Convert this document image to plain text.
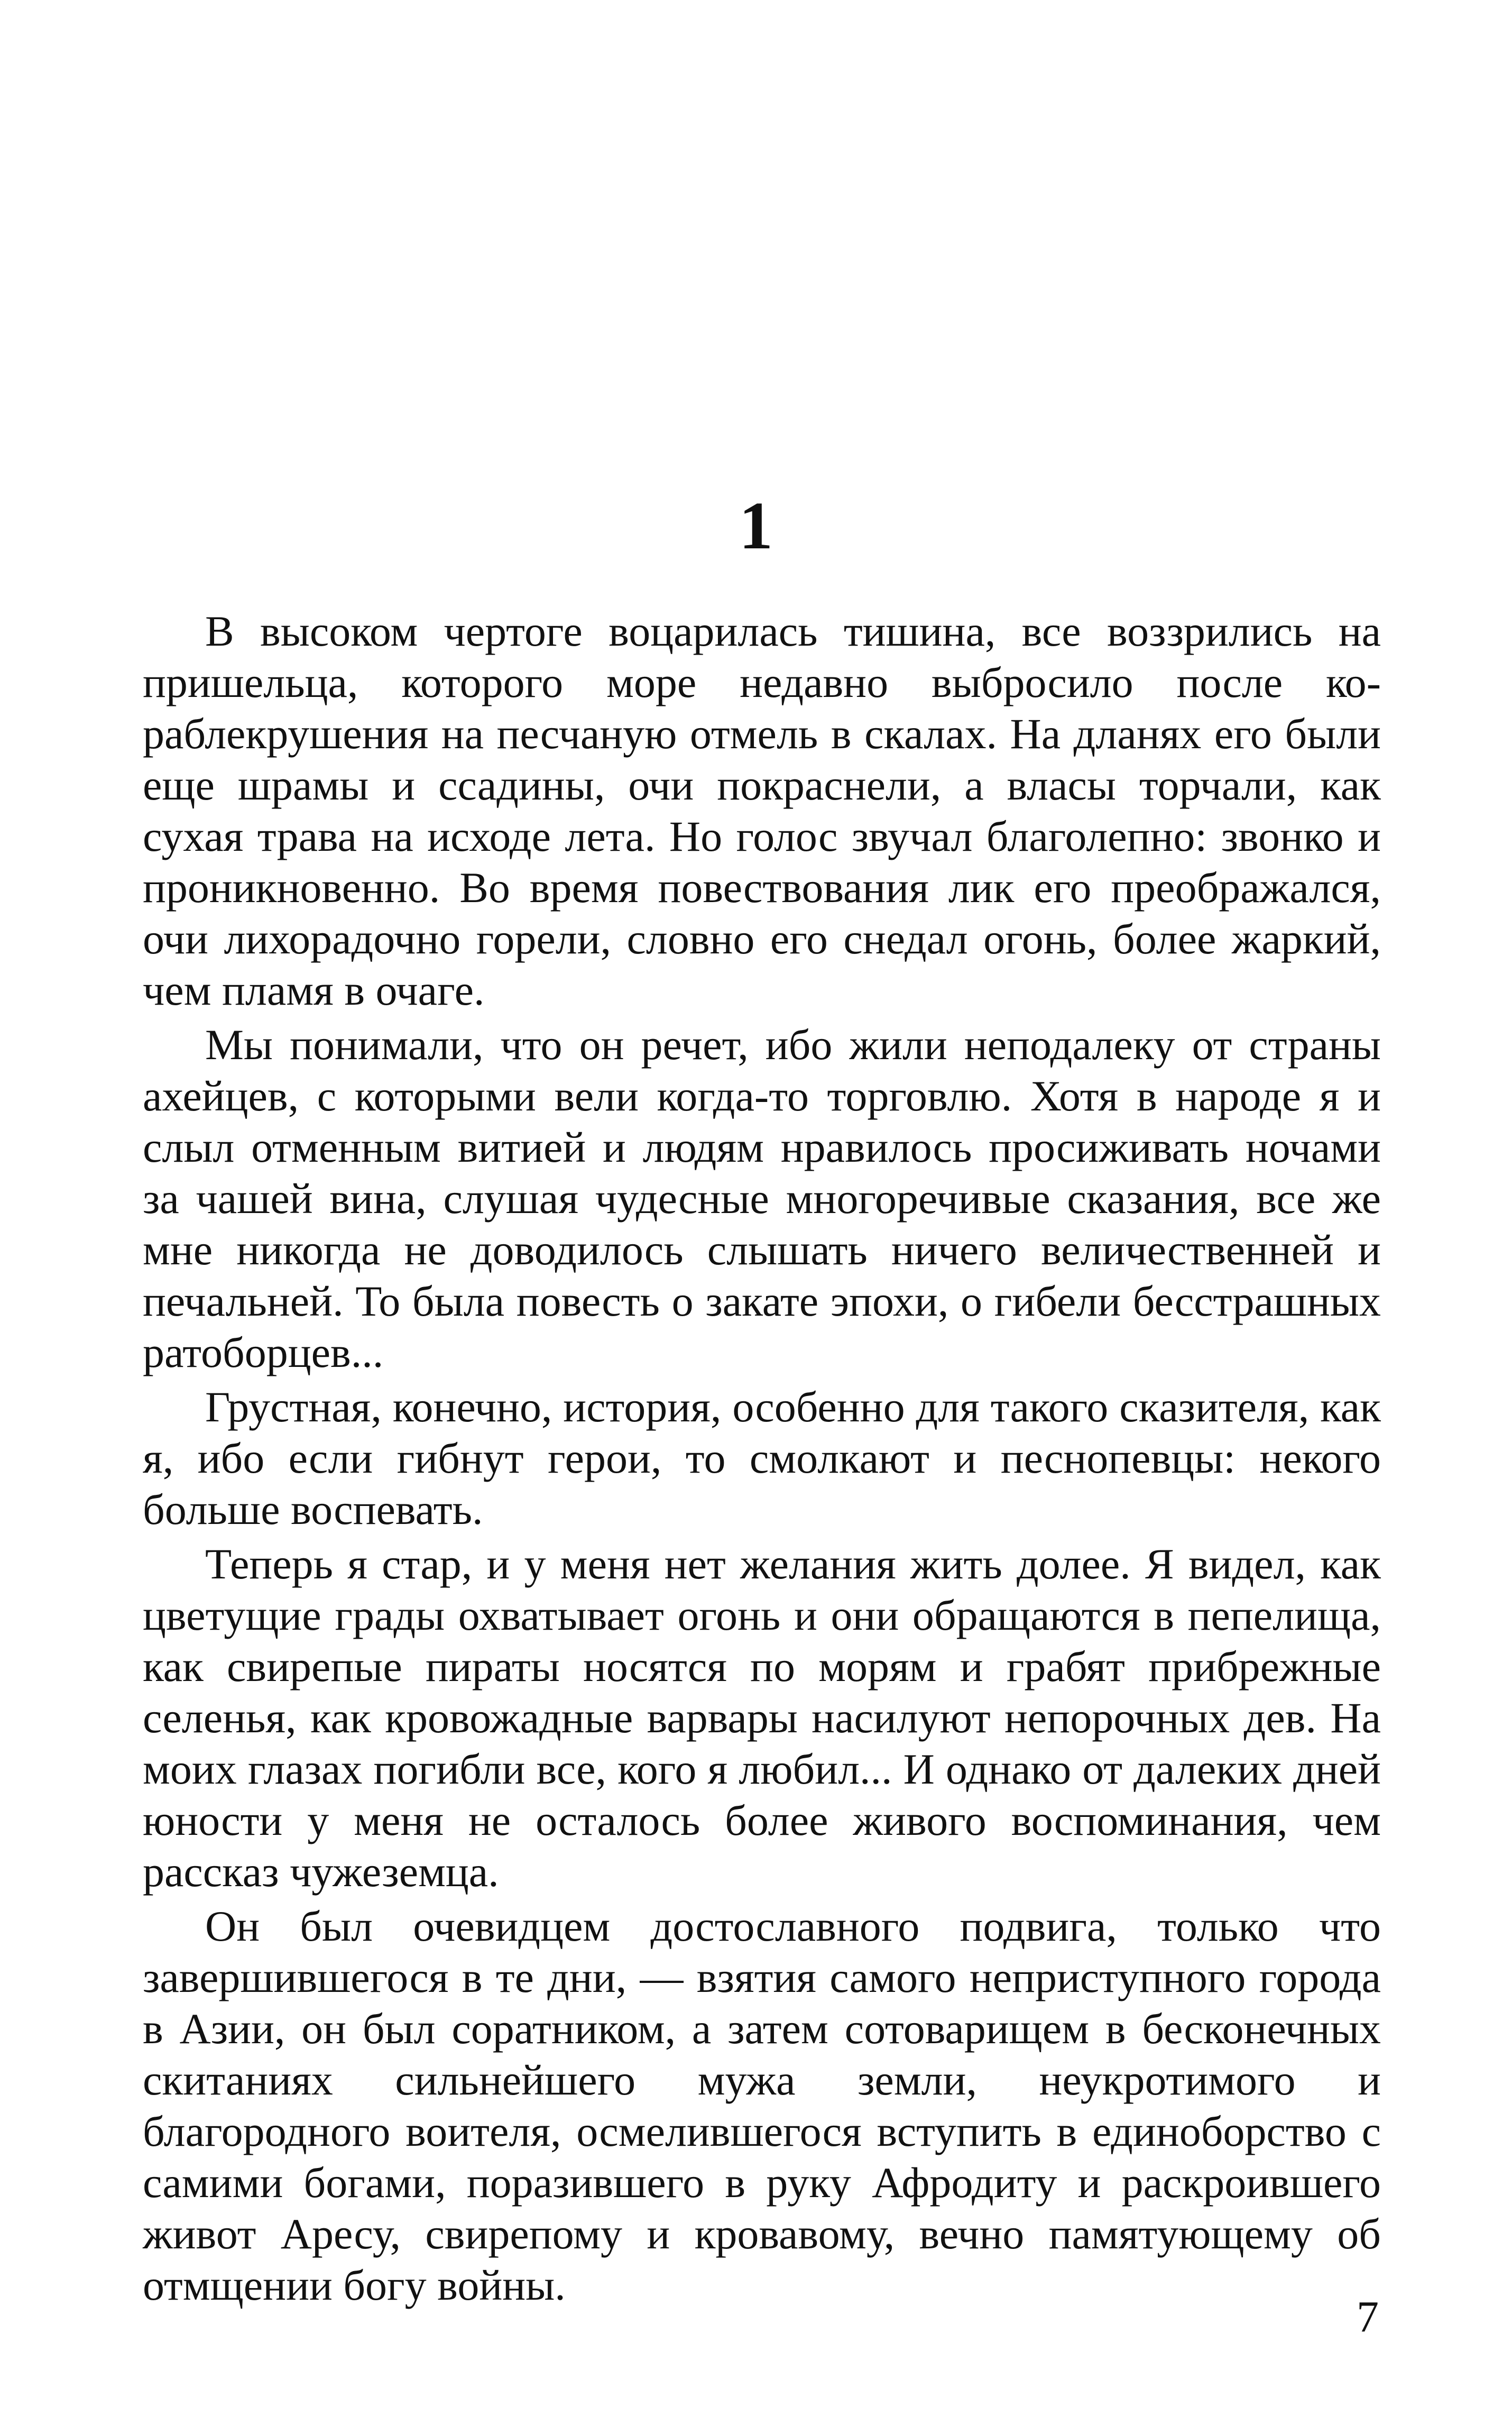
1

В высоком чертоге воцарилась тишина, все воззрились на пришельца, которого море недавно выбросило после кораблекрушения на песчаную отмель в скалах. На дланях его были еще шрамы и ссадины, очи покраснели, а власы торчали, как сухая трава на исходе лета. Но голос звучал благолепно: звонко и проникновенно. Во время повествования лик его преображался, очи лихорадочно горели, словно его снедал огонь, более жаркий, чем пламя в очаге.

Мы понимали, что он речет, ибо жили неподалеку от страны ахейцев, с которыми вели когда-то торговлю. Хотя в народе я и слыл отменным витией и людям нравилось просиживать ночами за чашей вина, слушая чудесные многоречивые сказания, все же мне никогда не доводилось слышать ничего величественней и печальней. То была повесть о закате эпохи, о гибели бесстрашных ратоборцев...

Грустная, конечно, история, особенно для такого сказителя, как я, ибо если гибнут герои, то смолкают и песнопевцы: некого больше воспевать.

Теперь я стар, и у меня нет желания жить долее. Я видел, как цветущие грады охватывает огонь и они обращаются в пепелища, как свирепые пираты носятся по морям и грабят прибрежные селенья, как кровожадные варвары насилуют непорочных дев. На моих глазах погибли все, кого я любил... И однако от далеких дней юности у меня не осталось более живого воспоминания, чем рассказ чужеземца.

Он был очевидцем достославного подвига, только что завершившегося в те дни, — взятия самого неприступного города в Азии, он был соратником, а затем сотоварищем в бесконечных скитаниях сильнейшего мужа земли, неукротимого и благородного воителя, осмелившегося вступить в единоборство с самими богами, поразившего в руку Афродиту и раскроившего живот Аресу, свирепому и кровавому, вечно памятующему об отмщении богу войны.

7
